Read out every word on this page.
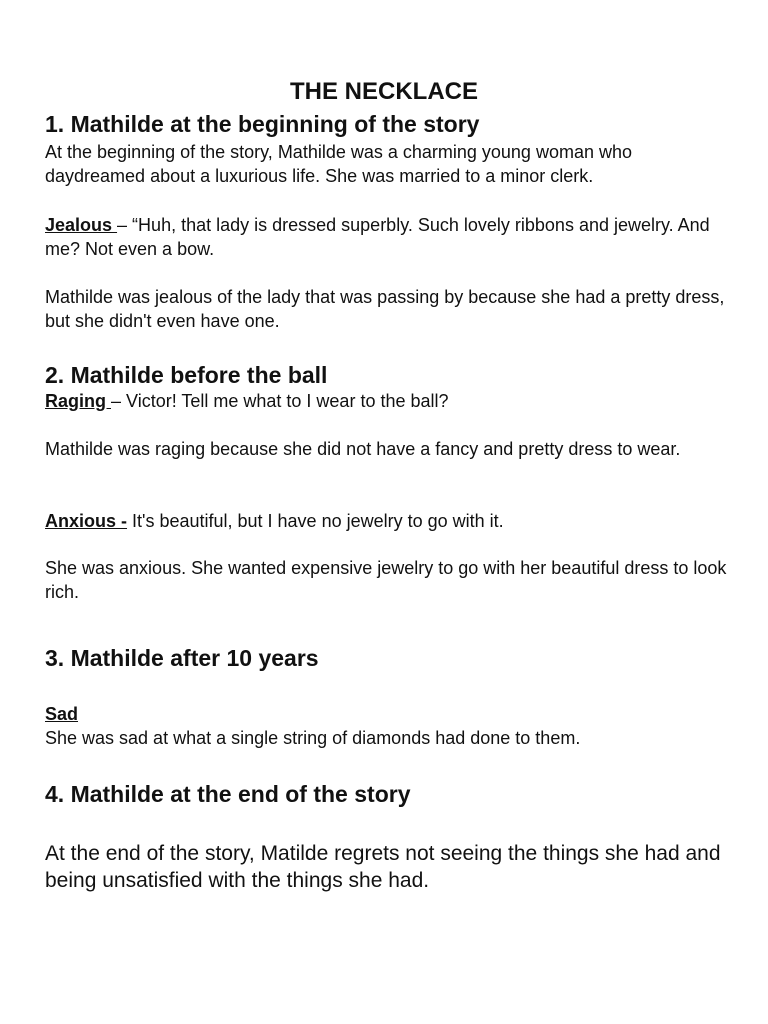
THE NECKLACE
1. Mathilde at the beginning of the story

At the beginning of the story, Mathilde was a charming young woman who daydreamed about a luxurious life. She was married to a minor clerk.

Jealous – “Huh, that lady is dressed superbly. Such lovely ribbons and jewelry. And me? Not even a bow.

Mathilde was jealous of the lady that was passing by because she had a pretty dress, but she didn't even have one.

2. Mathilde before the ball

Raging – Victor! Tell me what to I wear to the ball?

Mathilde was raging because she did not have a fancy and pretty dress to wear.

Anxious - It's beautiful, but I have no jewelry to go with it.

She was anxious. She wanted expensive jewelry to go with her beautiful dress to look rich.

3. Mathilde after 10 years

Sad

She was sad at what a single string of diamonds had done to them.

4. Mathilde at the end of the story

At the end of the story, Matilde regrets not seeing the things she had and being unsatisfied with the things she had.
